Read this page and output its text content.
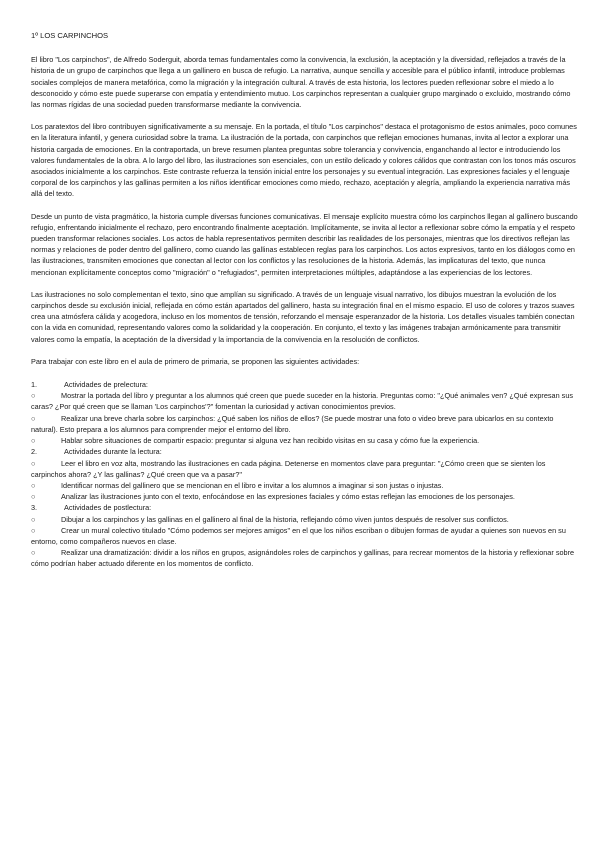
1º LOS CARPINCHOS

El libro "Los carpinchos", de Alfredo Soderguit, aborda temas fundamentales como la convivencia, la exclusión, la aceptación y la diversidad, reflejados a través de la historia de un grupo de carpinchos que llega a un gallinero en busca de refugio. La narrativa, aunque sencilla y accesible para el público infantil, introduce problemas sociales complejos de manera metafórica, como la migración y la integración cultural. A través de esta historia, los lectores pueden reflexionar sobre el miedo a lo desconocido y cómo este puede superarse con empatía y entendimiento mutuo. Los carpinchos representan a cualquier grupo marginado o excluido, mostrando cómo las normas rígidas de una sociedad pueden transformarse mediante la convivencia.

Los paratextos del libro contribuyen significativamente a su mensaje. En la portada, el título "Los carpinchos" destaca el protagonismo de estos animales, poco comunes en la literatura infantil, y genera curiosidad sobre la trama. La ilustración de la portada, con carpinchos que reflejan emociones humanas, invita al lector a explorar una historia cargada de emociones. En la contraportada, un breve resumen plantea preguntas sobre tolerancia y convivencia, enganchando al lector e introduciendo los valores fundamentales de la obra. A lo largo del libro, las ilustraciones son esenciales, con un estilo delicado y colores cálidos que contrastan con los tonos más oscuros asociados inicialmente a los carpinchos. Este contraste refuerza la tensión inicial entre los personajes y su eventual integración. Las expresiones faciales y el lenguaje corporal de los carpinchos y las gallinas permiten a los niños identificar emociones como miedo, rechazo, aceptación y alegría, ampliando la experiencia narrativa más allá del texto.

Desde un punto de vista pragmático, la historia cumple diversas funciones comunicativas. El mensaje explícito muestra cómo los carpinchos llegan al gallinero buscando refugio, enfrentando inicialmente el rechazo, pero encontrando finalmente aceptación. Implícitamente, se invita al lector a reflexionar sobre cómo la empatía y el respeto pueden transformar relaciones sociales. Los actos de habla representativos permiten describir las realidades de los personajes, mientras que los directivos reflejan las normas y relaciones de poder dentro del gallinero, como cuando las gallinas establecen reglas para los carpinchos. Los actos expresivos, tanto en los diálogos como en las ilustraciones, transmiten emociones que conectan al lector con los conflictos y las resoluciones de la historia. Además, las implicaturas del texto, que nunca mencionan explícitamente conceptos como "migración" o "refugiados", permiten interpretaciones múltiples, adaptándose a las experiencias de los lectores.

Las ilustraciones no solo complementan el texto, sino que amplían su significado. A través de un lenguaje visual narrativo, los dibujos muestran la evolución de los carpinchos desde su exclusión inicial, reflejada en cómo están apartados del gallinero, hasta su integración final en el mismo espacio. El uso de colores y trazos suaves crea una atmósfera cálida y acogedora, incluso en los momentos de tensión, reforzando el mensaje esperanzador de la historia. Los detalles visuales también conectan con la vida en comunidad, representando valores como la solidaridad y la cooperación. En conjunto, el texto y las imágenes trabajan armónicamente para transmitir valores como la empatía, la aceptación de la diversidad y la importancia de la convivencia en la resolución de conflictos.

Para trabajar con este libro en el aula de primero de primaria, se proponen las siguientes actividades:

1.	Actividades de prelectura:

○	Mostrar la portada del libro y preguntar a los alumnos qué creen que puede suceder en la historia. Preguntas como: "¿Qué animales ven? ¿Qué expresan sus caras? ¿Por qué creen que se llaman 'Los carpinchos'?" fomentan la curiosidad y activan conocimientos previos.

○	Realizar una breve charla sobre los carpinchos: ¿Qué saben los niños de ellos? (Se puede mostrar una foto o video breve para ubicarlos en su contexto natural). Esto prepara a los alumnos para comprender mejor el entorno del libro.

○	Hablar sobre situaciones de compartir espacio: preguntar si alguna vez han recibido visitas en su casa y cómo fue la experiencia.

2.	Actividades durante la lectura:

○	Leer el libro en voz alta, mostrando las ilustraciones en cada página. Detenerse en momentos clave para preguntar: "¿Cómo creen que se sienten los carpinchos ahora? ¿Y las gallinas? ¿Qué creen que va a pasar?"

○	Identificar normas del gallinero que se mencionan en el libro e invitar a los alumnos a imaginar si son justas o injustas.

○	Analizar las ilustraciones junto con el texto, enfocándose en las expresiones faciales y cómo estas reflejan las emociones de los personajes.

3.	Actividades de postlectura:

○	Dibujar a los carpinchos y las gallinas en el gallinero al final de la historia, reflejando cómo viven juntos después de resolver sus conflictos.

○	Crear un mural colectivo titulado "Cómo podemos ser mejores amigos" en el que los niños escriban o dibujen formas de ayudar a quienes son nuevos en su entorno, como compañeros nuevos en clase.

○	Realizar una dramatización: dividir a los niños en grupos, asignándoles roles de carpinchos y gallinas, para recrear momentos de la historia y reflexionar sobre cómo podrían haber actuado diferente en los momentos de conflicto.
